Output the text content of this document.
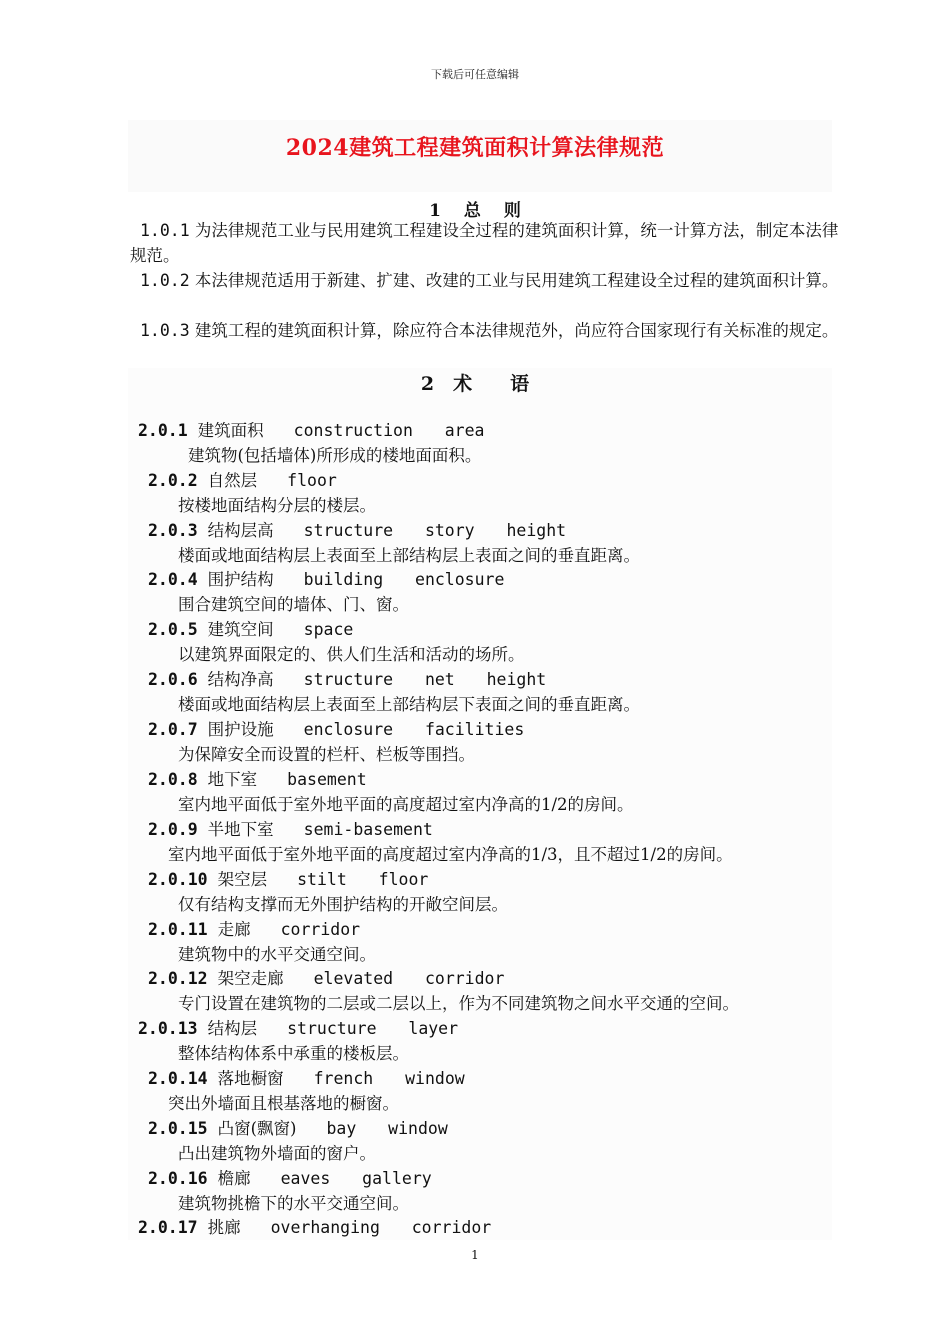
下载后可任意编辑
2024建筑工程建筑面积计算法律规范
1　 总　 则
1.0.1 为法律规范工业与民用建筑工程建设全过程的建筑面积计算，统一计算方法，制定本法律规范。
1.0.2 本法律规范适用于新建、扩建、改建的工业与民用建筑工程建设全过程的建筑面积计算。
1.0.3 建筑工程的建筑面积计算，除应符合本法律规范外，尚应符合国家现行有关标准的规定。
2　术　　语
2.0.1 建筑面积 construction  area
建筑物(包括墙体)所形成的楼地面面积。
2.0.2 自然层 floor
按楼地面结构分层的楼层。
2.0.3 结构层高 structure  story  height
楼面或地面结构层上表面至上部结构层上表面之间的垂直距离。
2.0.4 围护结构 building  enclosure
围合建筑空间的墙体、门、窗。
2.0.5 建筑空间 space
以建筑界面限定的、供人们生活和活动的场所。
2.0.6 结构净高 structure  net  height
楼面或地面结构层上表面至上部结构层下表面之间的垂直距离。
2.0.7 围护设施 enclosure  facilities
为保障安全而设置的栏杆、栏板等围挡。
2.0.8 地下室 basement
室内地平面低于室外地平面的高度超过室内净高的1/2的房间。
2.0.9 半地下室 semi-basement
室内地平面低于室外地平面的高度超过室内净高的1/3，且不超过1/2的房间。
2.0.10 架空层 stilt  floor
仅有结构支撑而无外围护结构的开敞空间层。
2.0.11 走廊 corridor
建筑物中的水平交通空间。
2.0.12 架空走廊 elevated  corridor
专门设置在建筑物的二层或二层以上，作为不同建筑物之间水平交通的空间。
2.0.13 结构层 structure  layer
整体结构体系中承重的楼板层。
2.0.14 落地橱窗 french  window
突出外墙面且根基落地的橱窗。
2.0.15 凸窗(飘窗) bay  window
凸出建筑物外墙面的窗户。
2.0.16 檐廊 eaves  gallery
建筑物挑檐下的水平交通空间。
2.0.17 挑廊 overhanging  corridor
1
